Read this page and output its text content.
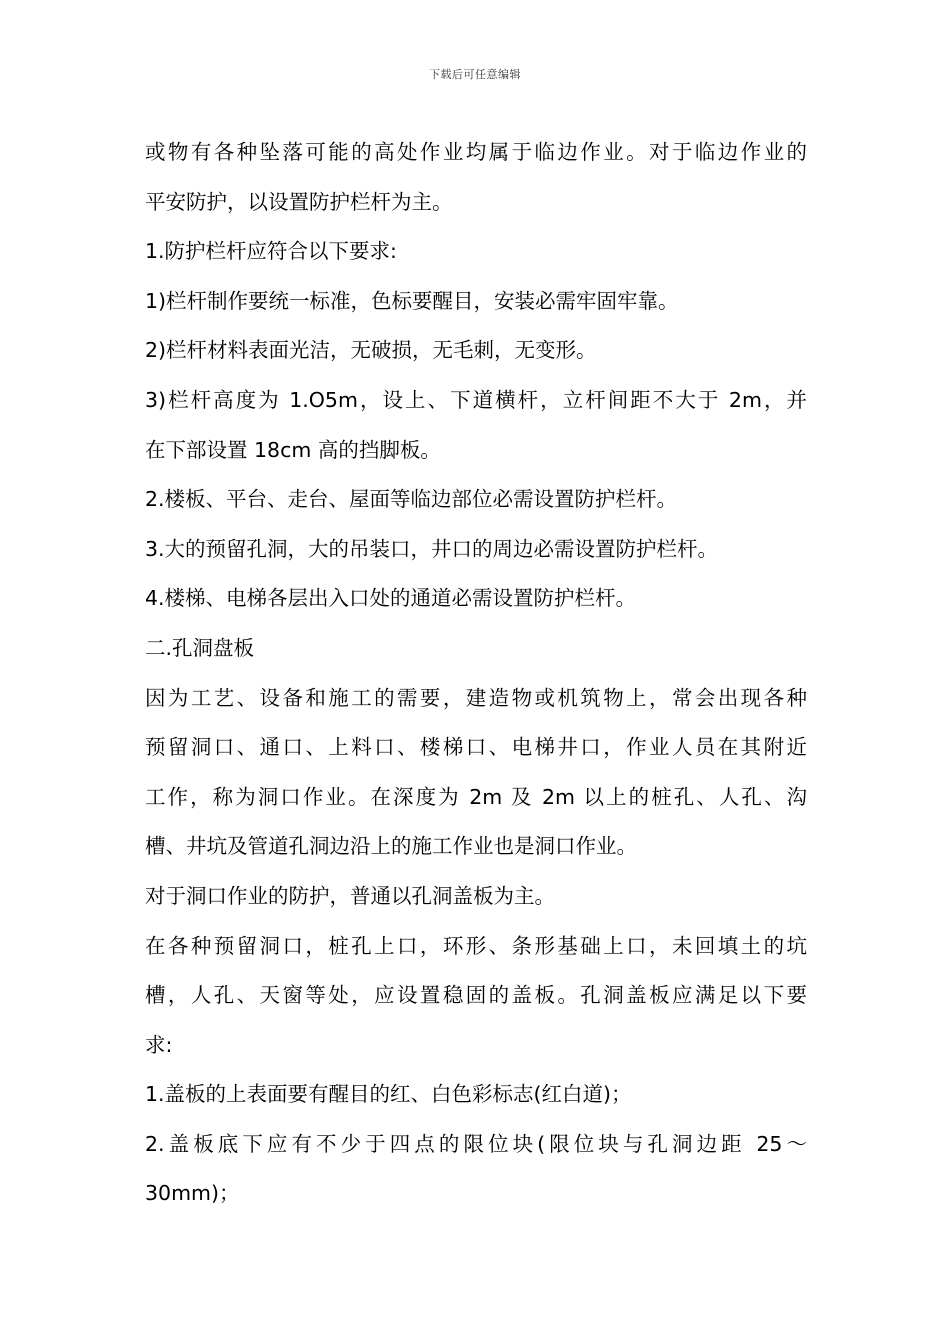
下载后可任意编辑
或物有各种坠落可能的高处作业均属于临边作业。对于临边作业的
平安防护，以设置防护栏杆为主。
1.防护栏杆应符合以下要求:
1)栏杆制作要统一标准，色标要醒目，安装必需牢固牢靠。
2)栏杆材料表面光洁，无破损，无毛刺，无变形。
3)栏杆高度为 1.O5m，设上、下道横杆，立杆间距不大于 2m，并
在下部设置 18cm 高的挡脚板。
2.楼板、平台、走台、屋面等临边部位必需设置防护栏杆。
3.大的预留孔洞，大的吊装口，井口的周边必需设置防护栏杆。
4.楼梯、电梯各层出入口处的通道必需设置防护栏杆。
二.孔洞盘板
因为工艺、设备和施工的需要，建造物或机筑物上，常会出现各种
预留洞口、通口、上料口、楼梯口、电梯井口，作业人员在其附近
工作，称为洞口作业。在深度为 2m 及 2m 以上的桩孔、人孔、沟
槽、井坑及管道孔洞边沿上的施工作业也是洞口作业。
对于洞口作业的防护，普通以孔洞盖板为主。
在各种预留洞口，桩孔上口，环形、条形基础上口，未回填土的坑
槽，人孔、天窗等处，应设置稳固的盖板。孔洞盖板应满足以下要
求:
1.盖板的上表面要有醒目的红、白色彩标志(红白道)；
2.盖板底下应有不少于四点的限位块(限位块与孔洞边距 25～
30mm)；
